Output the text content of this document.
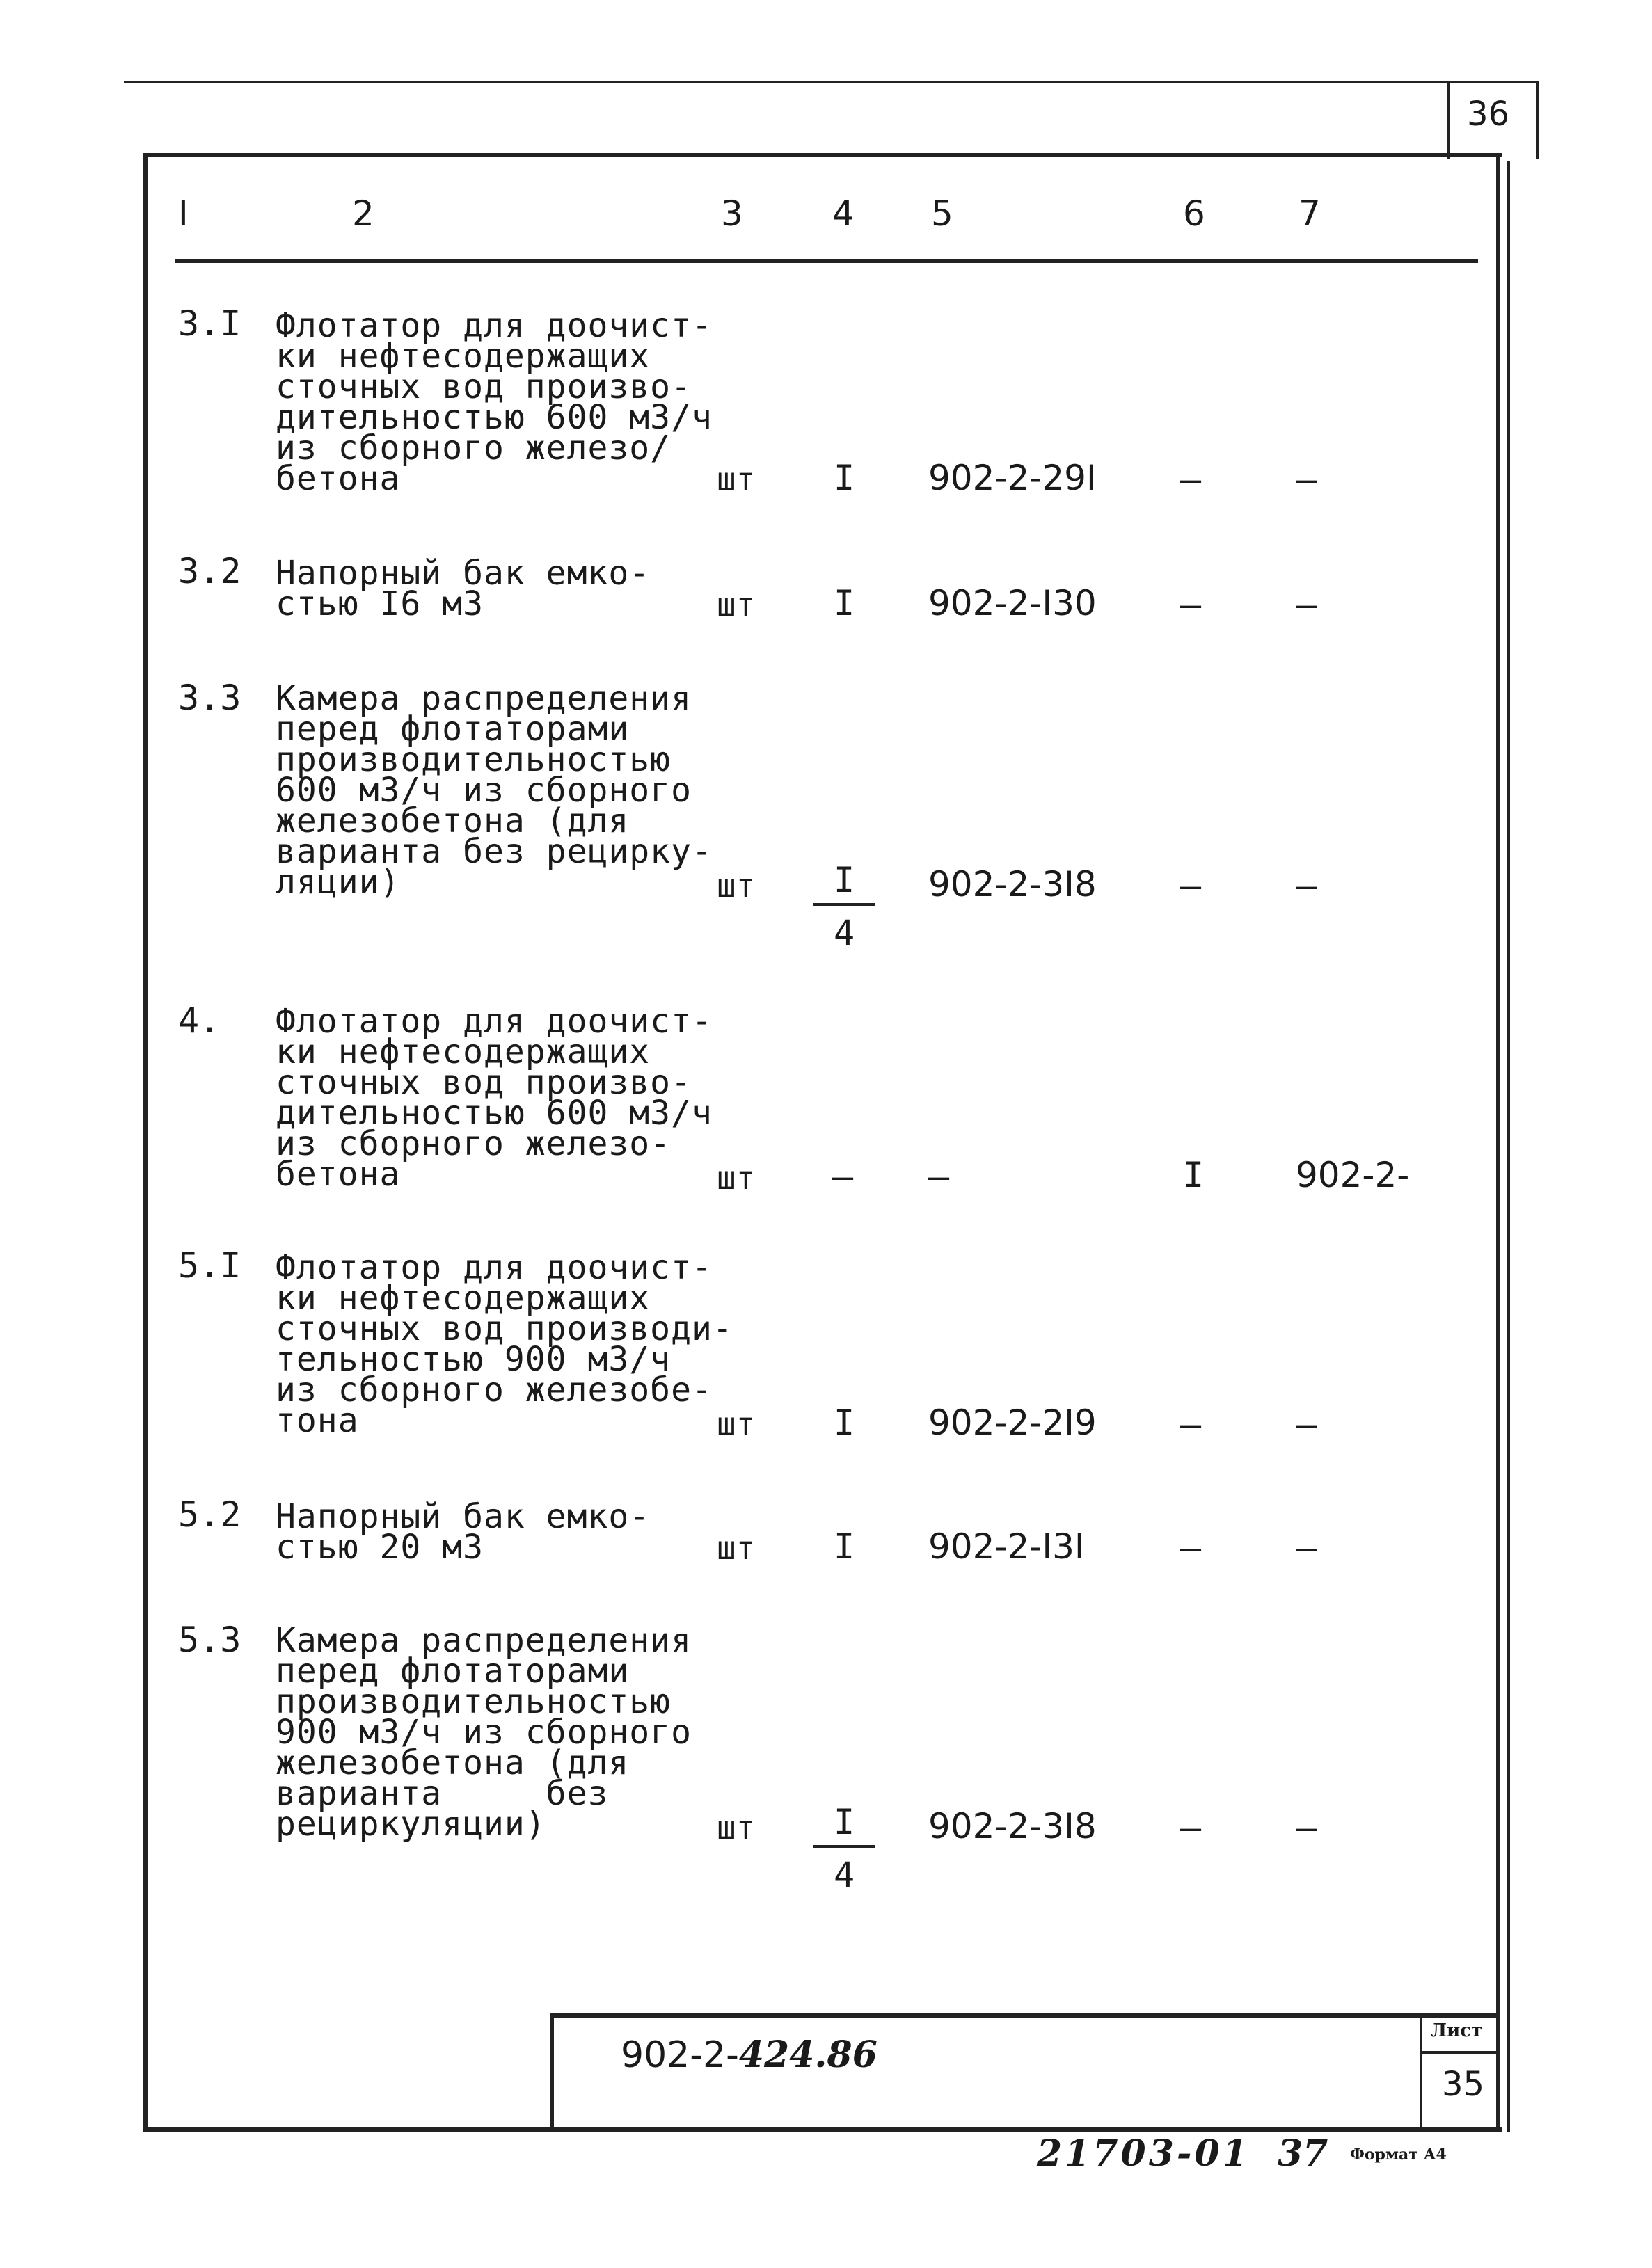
36
I	2	3	4 5	6	7
3.I Флотатор для доочист-
ки нефтесодержащих
сточных вод произво-
дительностью 600 м3/ч
из сборного железо/
бетона	шт I 902-2-29I –	–
3.2 Напорный бак емко-
стью I6 м3	шт I 902-2-I30 –	–
3.3 Камера распределения
перед флотаторами
производительностью
600 м3/ч из сборного
железобетона (для
варианта без рецирку-
ляции)	шт $\frac{I}{4} 902-2-3I8$ –	–
4. Флотатор для доочист-
ки нефтесодержащих
сточных вод произво-
дительностью 600 м3/ч
из сборного железо-
бетона	шт – –	I	902-2-
5.I Флотатор для доочист-
ки нефтесодержащих
сточных вод производи-
тельностью 900 м3/ч
из сборного железобе-
тона	шт I 902-2-2I9 –	–
5.2 Напорный бак емко-
стью 20 м3	шт I 902-2-I3I	–	–
5.3 Камера распределения
перед флотаторами
производительностью
900 м3/ч из сборного
железобетона (для
варианта     без
рециркуляции)	шт $\frac{I}{4} 902-2-3I8$ –	–
902-2-424.86
Лист
35
21703-01 37 Формат А4
